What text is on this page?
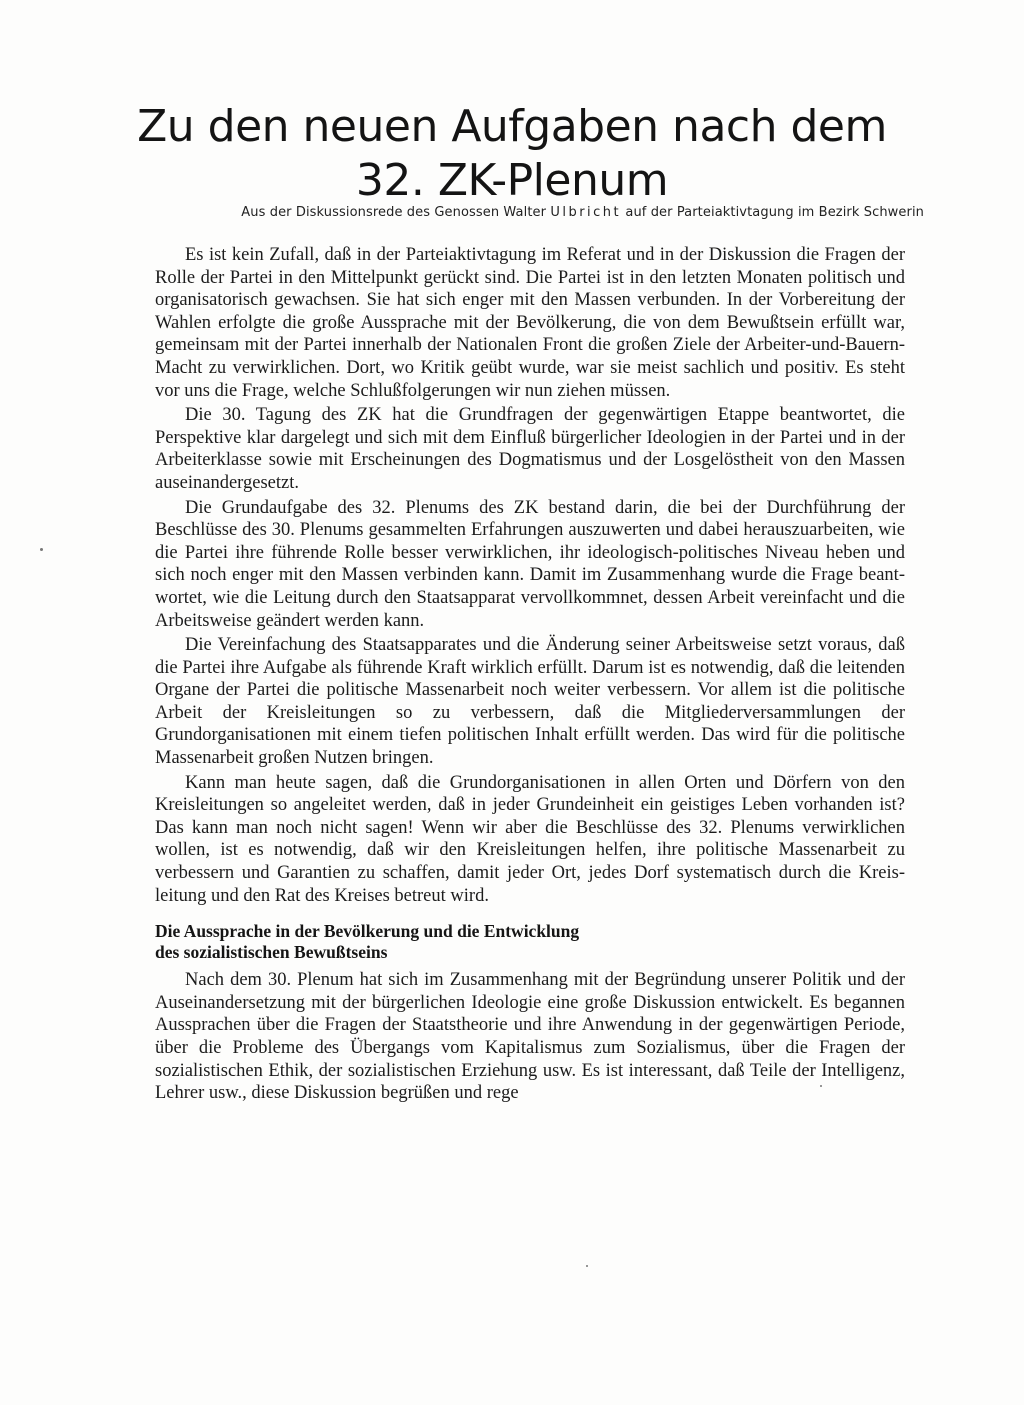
Zu den neuen Aufgaben nach dem
32. ZK-Plenum

Aus der Diskussionsrede des Genossen Walter Ulbricht auf der Parteiaktivtagung im Bezirk Schwerin

Es ist kein Zufall, daß in der Parteiaktivtagung im Referat und in der Diskussion die Fragen der Rolle der Partei in den Mittelpunkt gerückt sind. Die Partei ist in den letzten Monaten politisch und organisatorisch gewachsen. Sie hat sich enger mit den Massen verbunden. In der Vorbereitung der Wahlen erfolgte die große Aussprache mit der Bevölkerung, die von dem Bewußtsein erfüllt war, gemeinsam mit der Partei innerhalb der Nationalen Front die großen Ziele der Arbeiter-und-Bauern-Macht zu verwirklichen. Dort, wo Kritik geübt wurde, war sie meist sachlich und positiv. Es steht vor uns die Frage, welche Schlußfolgerungen wir nun ziehen müssen.

Die 30. Tagung des ZK hat die Grundfragen der gegenwärtigen Etappe beantwortet, die Perspektive klar dargelegt und sich mit dem Einfluß bürgerlicher Ideologien in der Partei und in der Arbeiterklasse sowie mit Erscheinungen des Dogmatismus und der Losgelöstheit von den Massen auseinandergesetzt.

Die Grundaufgabe des 32. Plenums des ZK bestand darin, die bei der Durchführung der Beschlüsse des 30. Plenums gesammelten Erfahrungen auszuwerten und dabei herauszuarbeiten, wie die Partei ihre führende Rolle besser verwirklichen, ihr ideologisch-politisches Niveau heben und sich noch enger mit den Massen verbinden kann. Damit im Zusammenhang wurde die Frage beantwortet, wie die Leitung durch den Staatsapparat vervollkommnet, dessen Arbeit vereinfacht und die Arbeitsweise geändert werden kann.

Die Vereinfachung des Staatsapparates und die Änderung seiner Arbeitsweise setzt voraus, daß die Partei ihre Aufgabe als führende Kraft wirklich erfüllt. Darum ist es notwendig, daß die leitenden Organe der Partei die politische Massenarbeit noch weiter verbessern. Vor allem ist die politische Arbeit der Kreisleitungen so zu verbessern, daß die Mitgliederversammlungen der Grundorganisationen mit einem tiefen politischen Inhalt erfüllt werden. Das wird für die politische Massenarbeit großen Nutzen bringen.

Kann man heute sagen, daß die Grundorganisationen in allen Orten und Dörfern von den Kreisleitungen so angeleitet werden, daß in jeder Grundeinheit ein geistiges Leben vorhanden ist? Das kann man noch nicht sagen! Wenn wir aber die Beschlüsse des 32. Plenums verwirklichen wollen, ist es notwendig, daß wir den Kreisleitungen helfen, ihre politische Massenarbeit zu verbessern und Garantien zu schaffen, damit jeder Ort, jedes Dorf systematisch durch die Kreisleitung und den Rat des Kreises betreut wird.

Die Aussprache in der Bevölkerung und die Entwicklung
des sozialistischen Bewußtseins

Nach dem 30. Plenum hat sich im Zusammenhang mit der Begründung unserer Politik und der Auseinandersetzung mit der bürgerlichen Ideologie eine große Diskussion entwickelt. Es begannen Aussprachen über die Fragen der Staatstheorie und ihre Anwendung in der gegenwärtigen Periode, über die Probleme des Übergangs vom Kapitalismus zum Sozialismus, über die Fragen der sozialistischen Ethik, der sozialistischen Erziehung usw. Es ist interessant, daß Teile der Intelligenz, Lehrer usw., diese Diskussion begrüßen und rege
